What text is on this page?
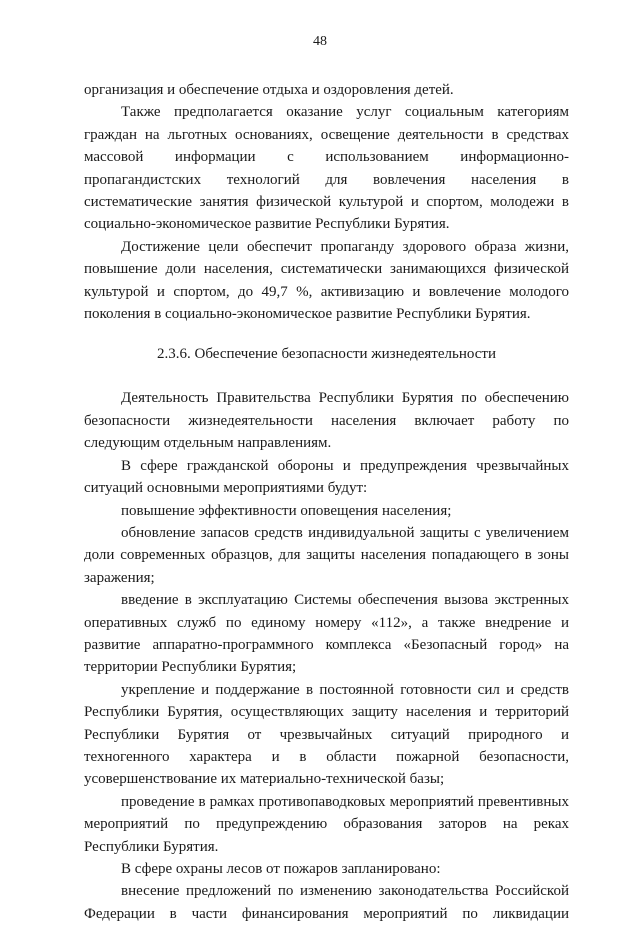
48

организация и обеспечение отдыха и оздоровления детей.

Также предполагается оказание услуг социальным категориям граждан на льготных основаниях, освещение деятельности в средствах массовой информации с использованием информационно-пропагандистских технологий для вовлечения населения в систематические занятия физической культурой и спортом, молодежи в социально-экономическое развитие Республики Бурятия.

Достижение цели обеспечит пропаганду здорового образа жизни, повышение доли населения, систематически занимающихся физической культурой и спортом, до 49,7 %, активизацию и вовлечение молодого поколения в социально-экономическое развитие Республики Бурятия.

2.3.6. Обеспечение безопасности жизнедеятельности

Деятельность Правительства Республики Бурятия по обеспечению безопасности жизнедеятельности населения включает работу по следующим отдельным направлениям.

В сфере гражданской обороны и предупреждения чрезвычайных ситуаций основными мероприятиями будут:

повышение эффективности оповещения населения;

обновление запасов средств индивидуальной защиты с увеличением доли современных образцов, для защиты населения попадающего в зоны заражения;

введение в эксплуатацию Системы обеспечения вызова экстренных оперативных служб по единому номеру «112», а также внедрение и развитие аппаратно-программного комплекса «Безопасный город» на территории Республики Бурятия;

укрепление и поддержание в постоянной готовности сил и средств Республики Бурятия, осуществляющих защиту населения и территорий Республики Бурятия от чрезвычайных ситуаций природного и техногенного характера и в области пожарной безопасности, усовершенствование их материально-технической базы;

проведение в рамках противопаводковых мероприятий превентивных мероприятий по предупреждению образования заторов на реках Республики Бурятия.

В сфере охраны лесов от пожаров запланировано:

внесение предложений по изменению законодательства Российской Федерации в части финансирования мероприятий по ликвидации
